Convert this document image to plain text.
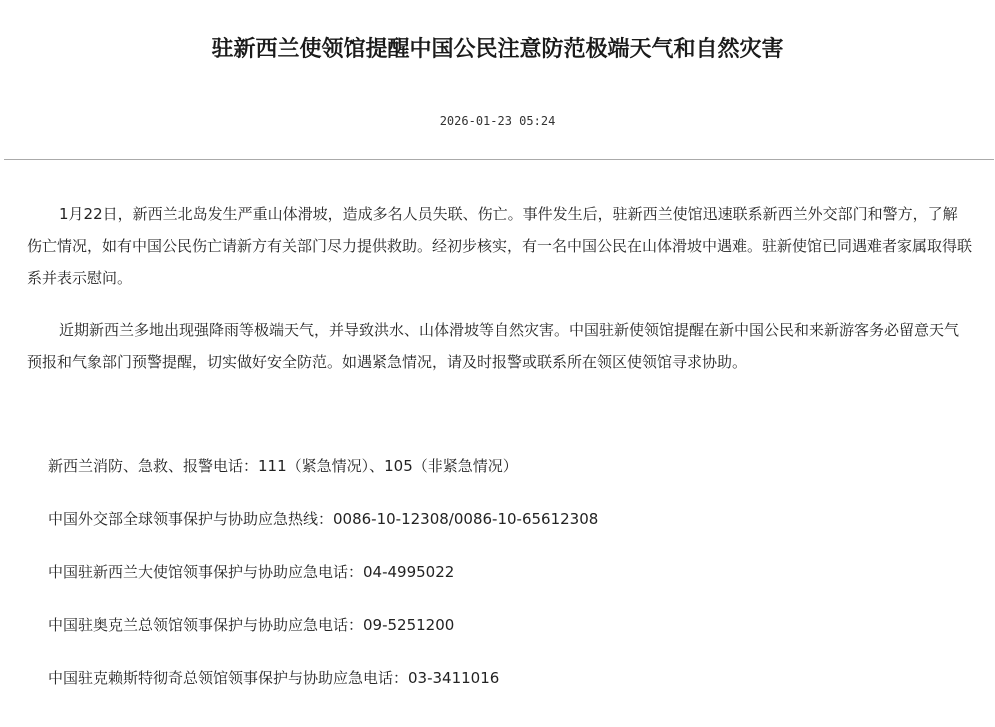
驻新西兰使领馆提醒中国公民注意防范极端天气和自然灾害
2026-01-23 05:24

1月22日，新西兰北岛发生严重山体滑坡，造成多名人员失联、伤亡。事件发生后，驻新西兰使馆迅速联系新西兰外交部门和警方，了解伤亡情况，如有中国公民伤亡请新方有关部门尽力提供救助。经初步核实，有一名中国公民在山体滑坡中遇难。驻新使馆已同遇难者家属取得联系并表示慰问。

近期新西兰多地出现强降雨等极端天气，并导致洪水、山体滑坡等自然灾害。中国驻新使领馆提醒在新中国公民和来新游客务必留意天气预报和气象部门预警提醒，切实做好安全防范。如遇紧急情况，请及时报警或联系所在领区使领馆寻求协助。

新西兰消防、急救、报警电话：111（紧急情况）、105（非紧急情况）
中国外交部全球领事保护与协助应急热线：0086-10-12308/0086-10-65612308
中国驻新西兰大使馆领事保护与协助应急电话：04-4995022
中国驻奥克兰总领馆领事保护与协助应急电话：09-5251200
中国驻克赖斯特彻奇总领馆领事保护与协助应急电话：03-3411016
